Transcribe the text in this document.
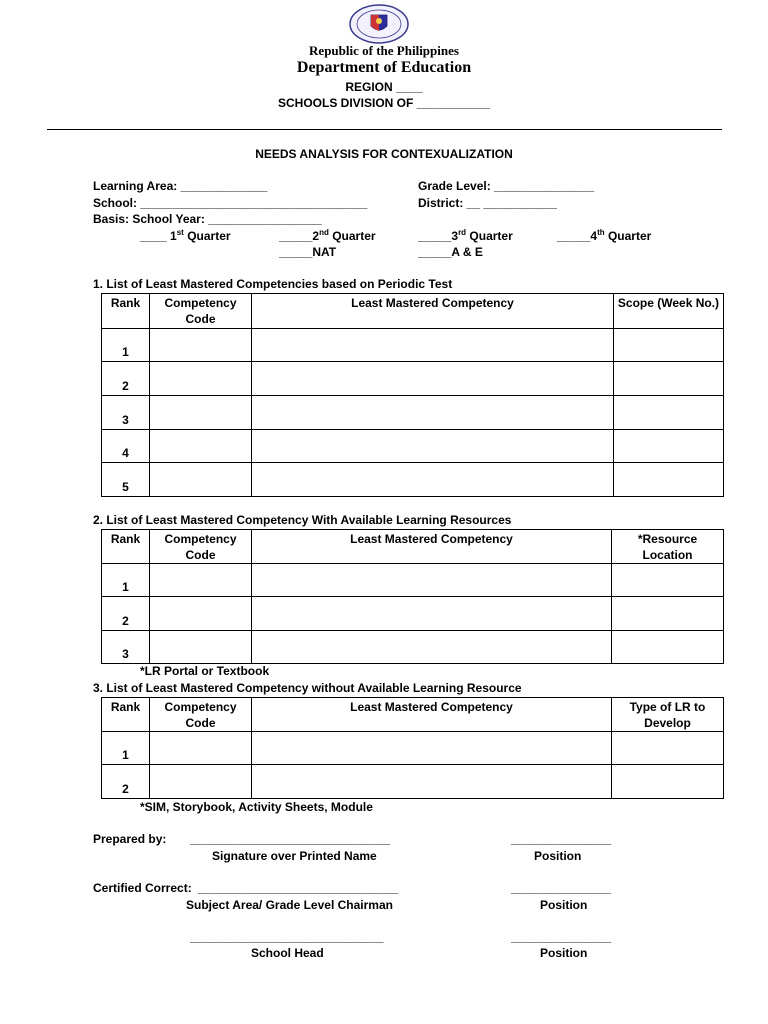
Republic of the Philippines
Department of Education
REGION ____
SCHOOLS DIVISION OF ___________
NEEDS ANALYSIS FOR CONTEXUALIZATION
Learning Area: _____________	Grade Level: _______________
School: __________________________________	District: __ ___________
Basis: School Year: _________________
____ 1st Quarter	_____2nd Quarter	_____3rd Quarter	_____4th Quarter
_____NAT	_____A & E
1. List of Least Mastered Competencies based on Periodic Test
Rank	Competency Code	Least Mastered Competency	Scope (Week No.)
1			
2			
3			
4			
5			
2. List of Least Mastered Competency With Available Learning Resources
Rank	Competency Code	Least Mastered Competency	*Resource Location
1			
2			
3			
*LR Portal or Textbook
3. List of Least Mastered Competency without Available Learning Resource
Rank	Competency Code	Least Mastered Competency	Type of LR to Develop
1			
2			
*SIM, Storybook, Activity Sheets, Module
Prepared by: ______________________________	_______________
Signature over Printed Name	Position
Certified Correct: ______________________________	_______________
Subject Area/ Grade Level Chairman	Position
_____________________________	_______________
School Head	Position
